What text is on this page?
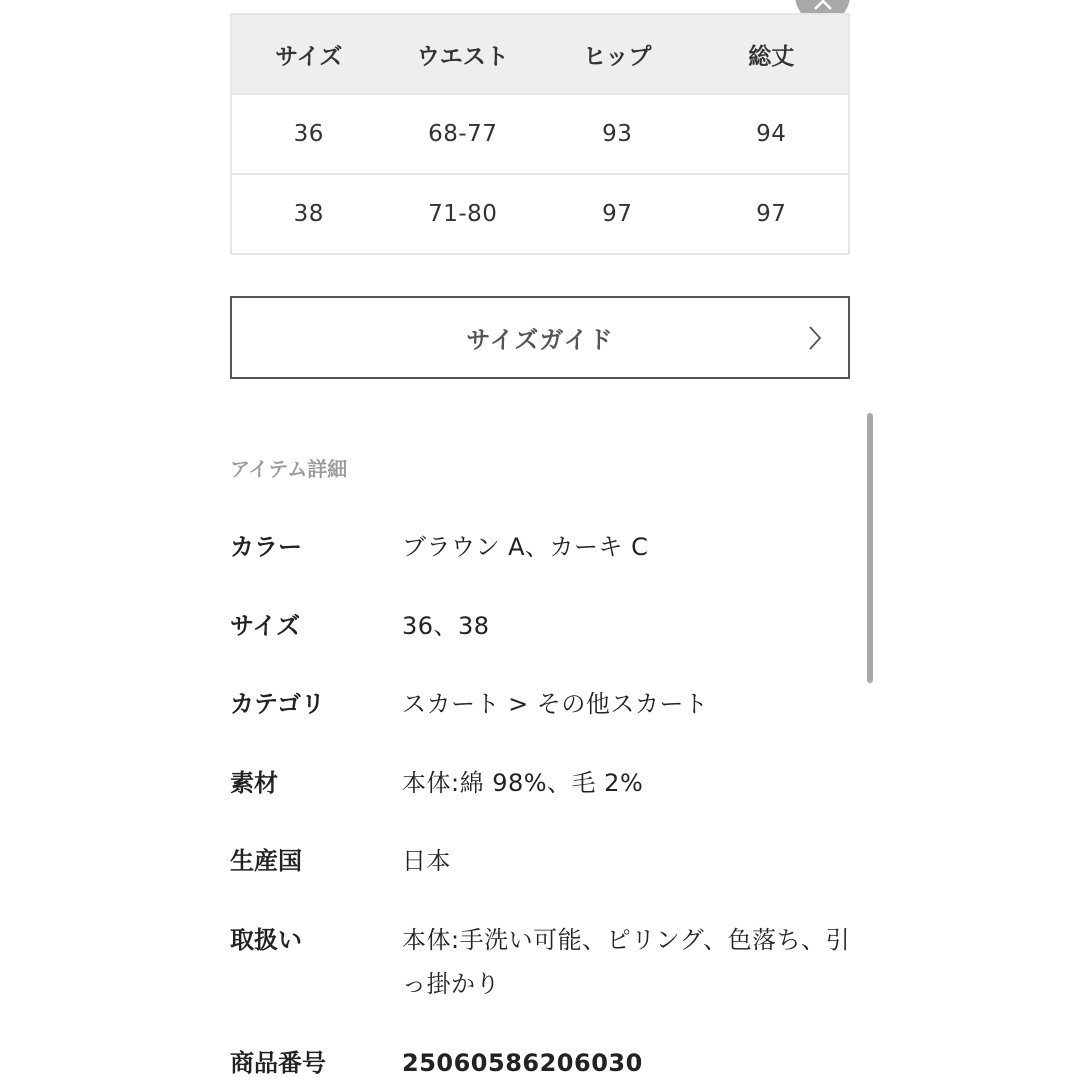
サイズ	ウエスト	ヒップ	総丈
36	68-77	93	94
38	71-80	97	97
サイズガイド
アイテム詳細
カラー	ブラウン A、カーキ C
サイズ	36、38
カテゴリ	スカート > その他スカート
素材	本体:綿 98%、毛 2%
生産国	日本
取扱い	本体:手洗い可能、ピリング、色落ち、引っ掛かり
商品番号	25060586206030
